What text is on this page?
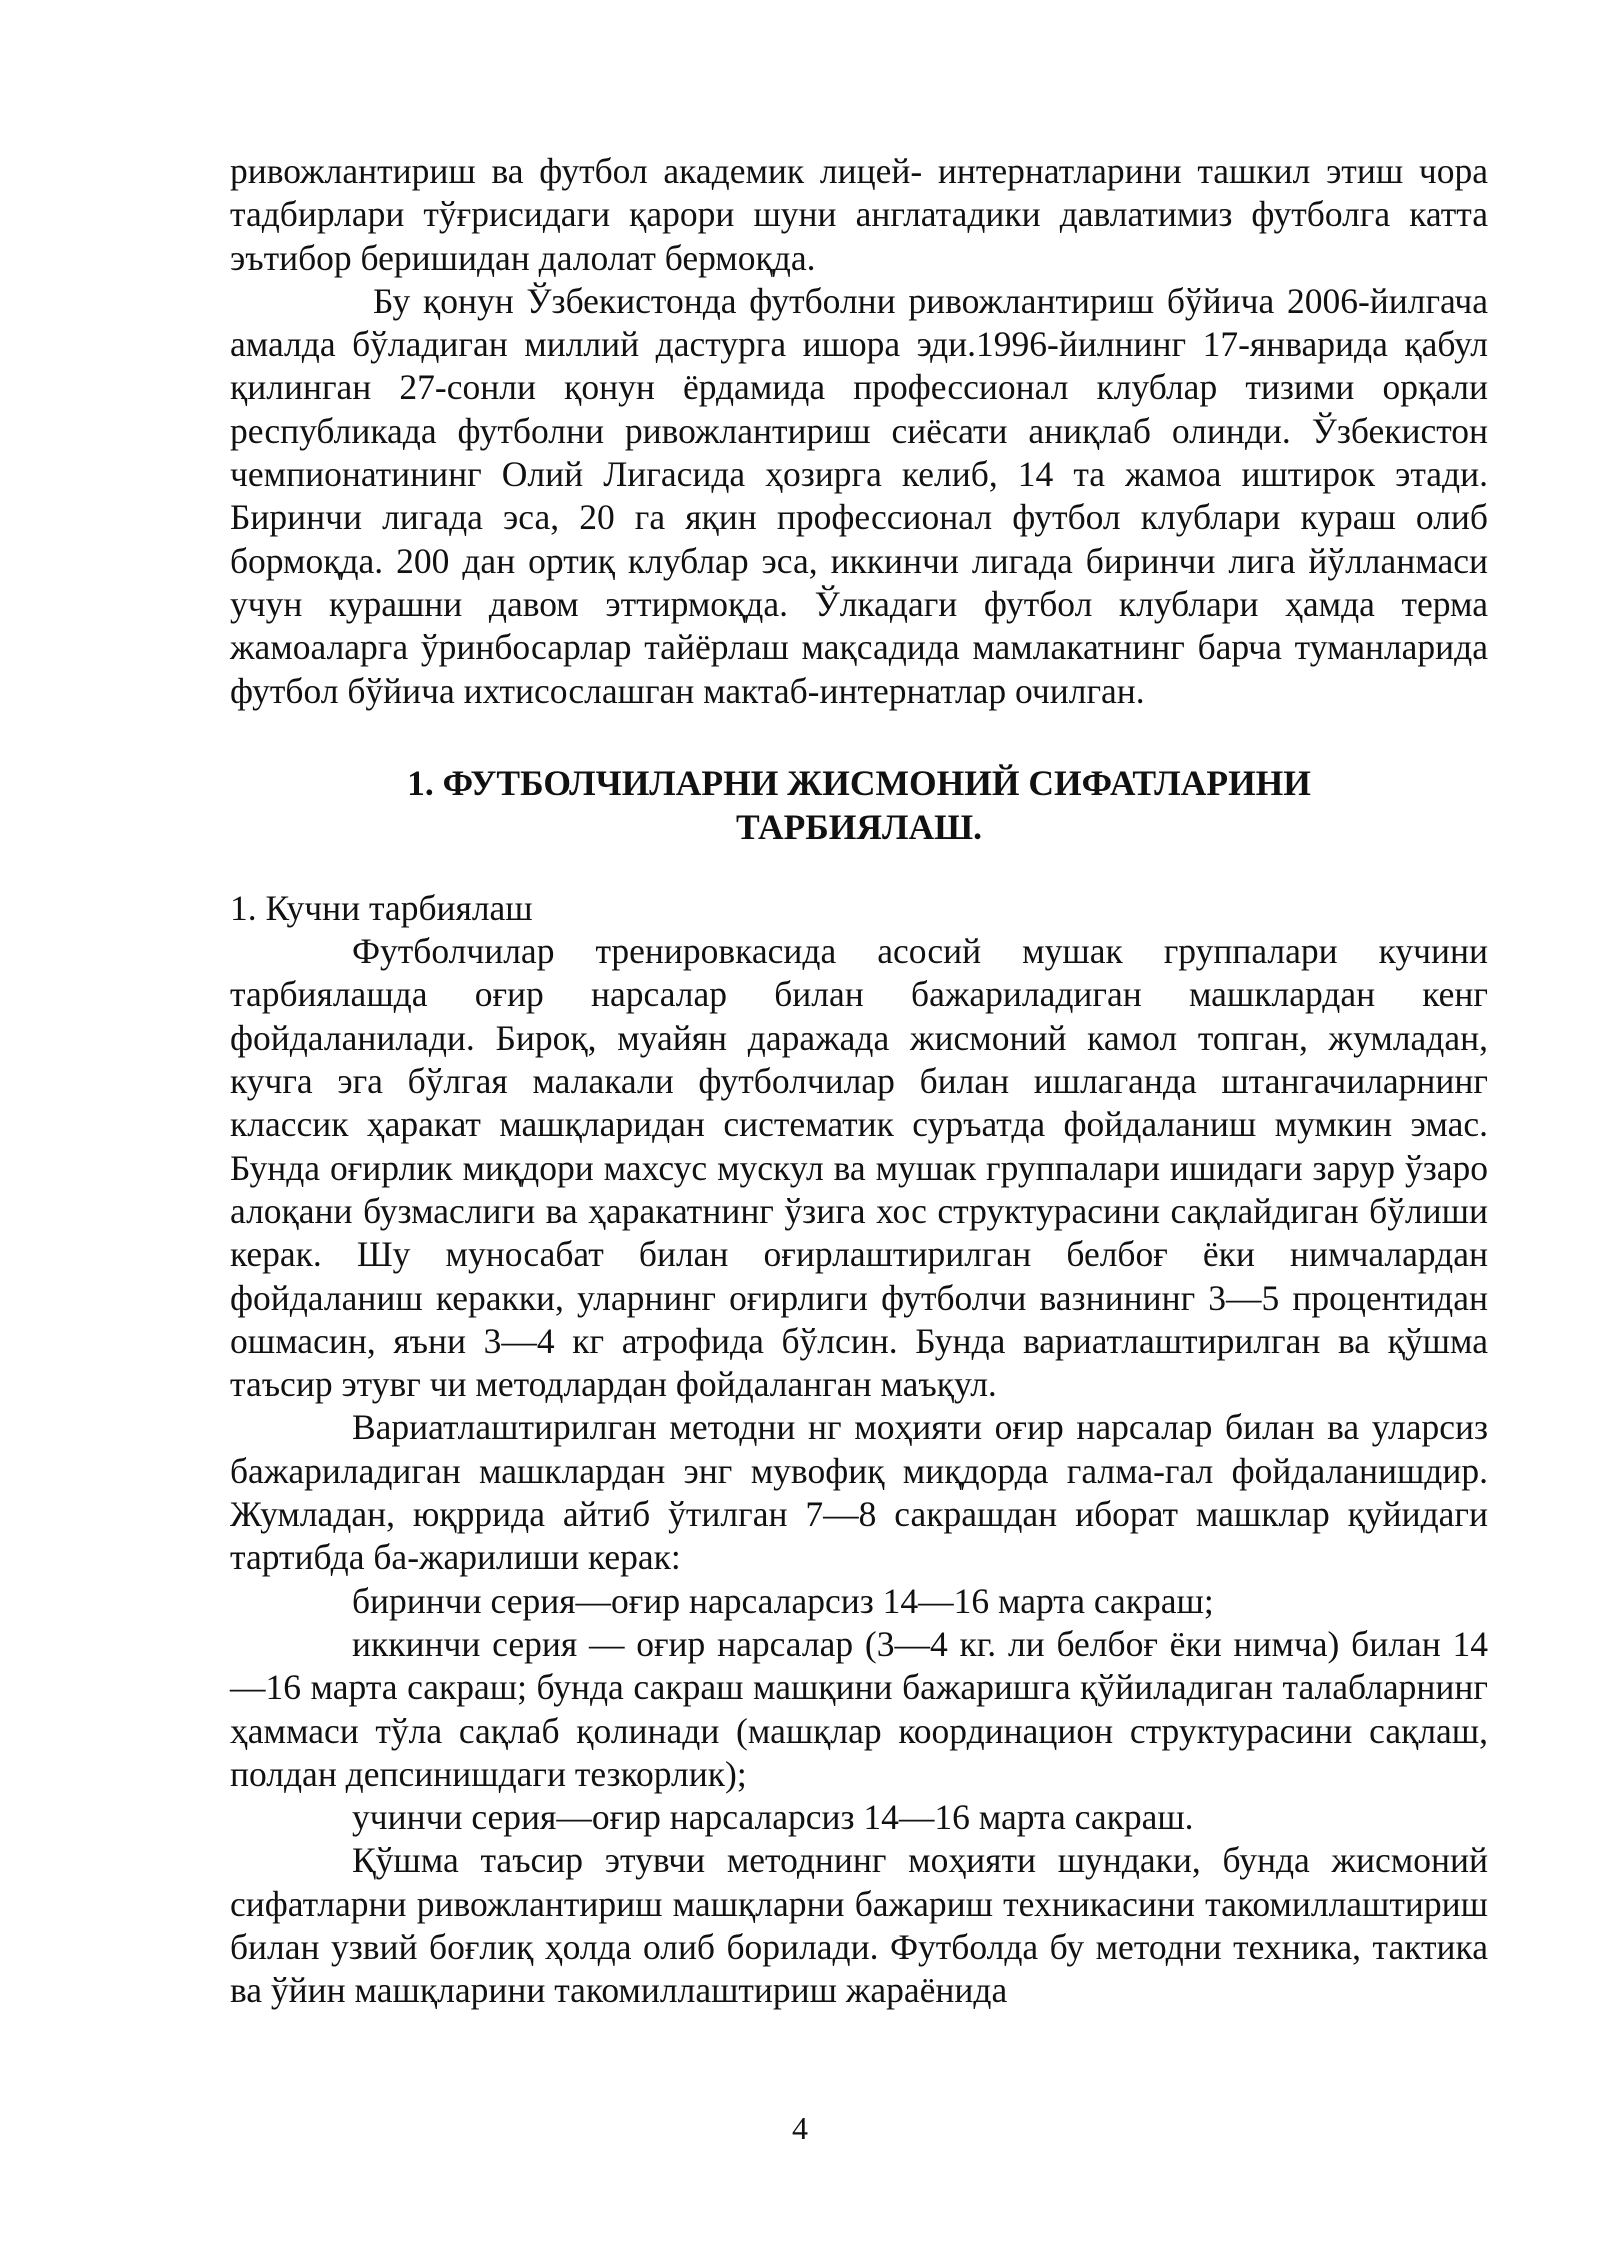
ривожлантириш ва футбол академик лицей- интернатларини ташкил этиш чора тадбирлари тўғрисидаги қарори шуни англатадики давлатимиз футболга катта эътибор беришидан далолат бермоқда.

Бу қонун Ўзбекистонда футболни ривожлантириш бўйича 2006-йилгача амалда бўладиган миллий дастурга ишора эди.1996-йилнинг 17-январида қабул қилинган 27-сонли қонун ёрдамида профессионал клублар тизими орқали республикада футболни ривожлантириш сиёсати аниқлаб олинди. Ўзбекистон чемпионатининг Олий Лигасида ҳозирга келиб, 14 та жамоа иштирок этади. Биринчи лигада эса, 20 га яқин профессионал футбол клублари кураш олиб бормоқда. 200 дан ортиқ клублар эса, иккинчи лигада биринчи лига йўлланмаси учун курашни давом эттирмоқда. Ўлкадаги футбол клублари ҳамда терма жамоаларга ўринбосарлар тайёрлаш мақсадида мамлакатнинг барча туманларида футбол бўйича ихтисослашган мактаб-интернатлар очилган.

1. ФУТБОЛЧИЛАРНИ ЖИСМОНИЙ СИФАТЛАРИНИ
ТАРБИЯЛАШ.

1. Кучни тарбиялаш

Футболчилар тренировкасида асосий мушак группалари кучини тарбиялашда оғир нарсалар билан бажариладиган машклардан кенг фойдаланилади. Бироқ, муайян даражада жисмоний камол топган, жумладан, кучга эга бўлгая малакали футболчилар билан ишлаганда штангачиларнинг классик ҳаракат машқларидан систематик суръатда фойдаланиш мумкин эмас. Бунда оғирлик миқдори махсус мускул ва мушак группалари ишидаги зарур ўзаро алоқани бузмаслиги ва ҳаракатнинг ўзига хос структурасини сақлайдиган бўлиши керак. Шу муносабат билан оғирлаштирилган белбоғ ёки нимчалардан фойдаланиш керакки, уларнинг оғирлиги футболчи вазнининг 3—5 процентидан ошмасин, яъни 3—4 кг атрофида бўлсин. Бунда вариатлаштирилган ва қўшма таъсир этувг чи методлардан фойдаланган маъқул.

Вариатлаштирилган методни нг моҳияти оғир нарсалар билан ва уларсиз бажариладиган машклардан энг мувофиқ миқдорда галма-гал фойдаланишдир. Жумладан, юқррида айтиб ўтилган 7—8 сакрашдан иборат машклар қуйидаги тартибда ба-жарилиши керак:

биринчи серия—оғир нарсаларсиз 14—16 марта сакраш;

иккинчи серия — оғир нарсалар (3—4 кг. ли белбоғ ёки нимча) билан 14—16 марта сакраш; бунда сакраш машқини бажаришга қўйиладиган талабларнинг ҳаммаси тўла сақлаб қолинади (машқлар координацион структурасини сақлаш, полдан депсинишдаги тезкорлик);

учинчи серия—оғир нарсаларсиз 14—16 марта сакраш.

Қўшма таъсир этувчи методнинг моҳияти шундаки, бунда жисмоний сифатларни ривожлантириш машқларни бажариш техникасини такомиллаштириш билан узвий боғлиқ ҳолда олиб борилади. Футболда бу методни техника, тактика ва ўйин машқларини такомиллаштириш жараёнида

4
